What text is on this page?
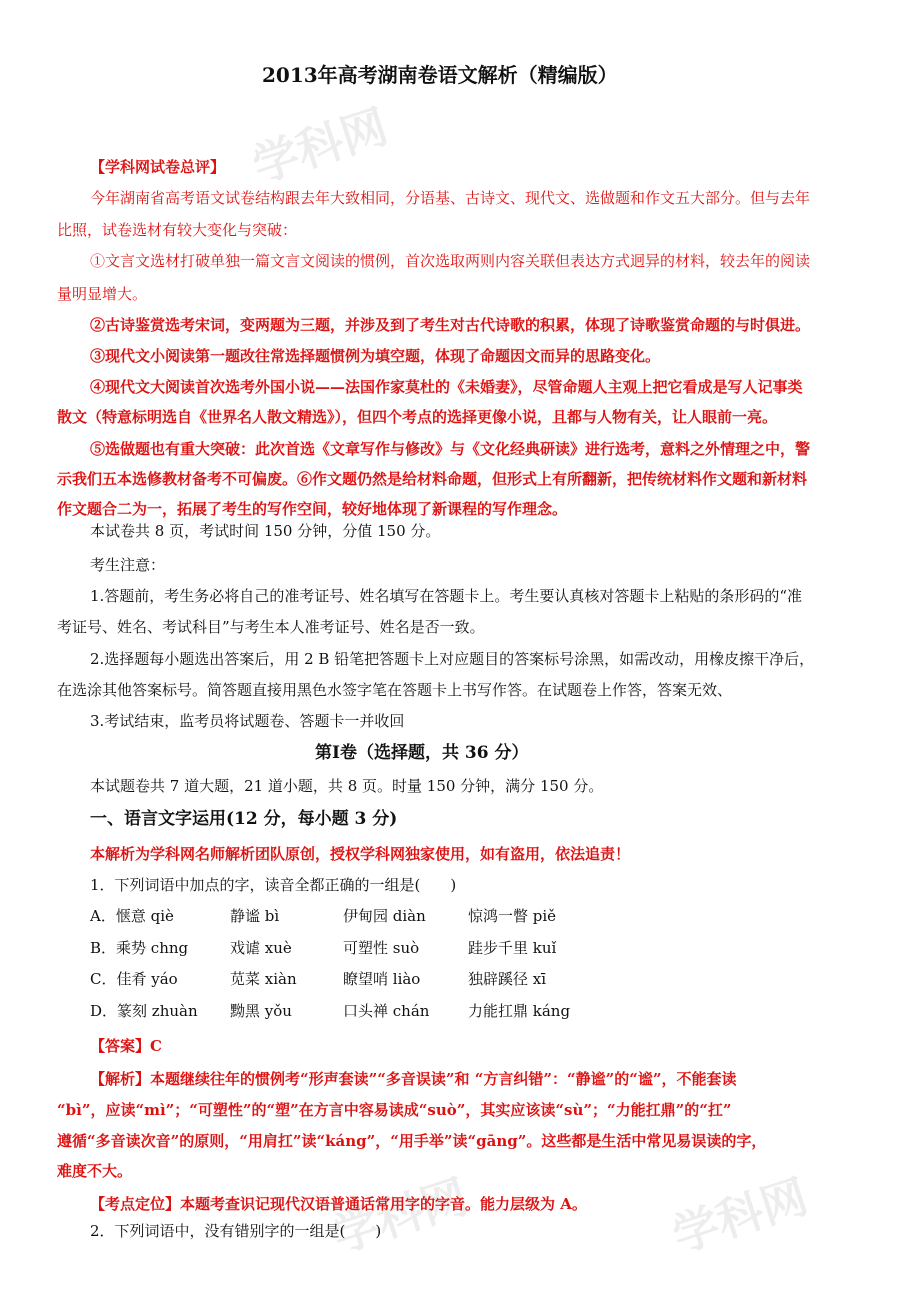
学科网
学科网	学科网
2013年高考湖南卷语文解析（精编版）
【学科网试卷总评】
今年湖南省高考语文试卷结构跟去年大致相同，分语基、古诗文、现代文、选做题和作文五大部分。但与去年
比照，试卷选材有较大变化与突破：
①文言文选材打破单独一篇文言文阅读的惯例，首次选取两则内容关联但表达方式迥异的材料，较去年的阅读
量明显增大。
②古诗鉴赏选考宋词，变两题为三题，并涉及到了考生对古代诗歌的积累，体现了诗歌鉴赏命题的与时俱进。
③现代文小阅读第一题改往常选择题惯例为填空题，体现了命题因文而异的思路变化。
④现代文大阅读首次选考外国小说——法国作家莫杜的《未婚妻》，尽管命题人主观上把它看成是写人记事类
散文（特意标明选自《世界名人散文精选》），但四个考点的选择更像小说，且都与人物有关，让人眼前一亮。
⑤选做题也有重大突破：此次首选《文章写作与修改》与《文化经典研读》进行选考，意料之外情理之中，警
示我们五本选修教材备考不可偏废。⑥作文题仍然是给材料命题，但形式上有所翻新，把传统材料作文题和新材料
作文题合二为一，拓展了考生的写作空间，较好地体现了新课程的写作理念。
本试卷共 8 页，考试时间 150 分钟，分值 150 分。
考生注意：
1.答题前，考生务必将自己的准考证号、姓名填写在答题卡上。考生要认真核对答题卡上粘贴的条形码的“准
考证号、姓名、考试科目”与考生本人准考证号、姓名是否一致。
2.选择题每小题选出答案后，用 2 B 铅笔把答题卡上对应题目的答案标号涂黑，如需改动，用橡皮擦干净后，
在选涂其他答案标号。简答题直接用黑色水签字笔在答题卡上书写作答。在试题卷上作答，答案无效、
3.考试结束，监考员将试题卷、答题卡一并收回
第Ⅰ卷（选择题，共 36 分）
本试题卷共 7 道大题，21 道小题，共 8 页。时量 150 分钟，满分 150 分。
一、语言文字运用(12 分，每小题 3 分)
本解析为学科网名师解析团队原创，授权学科网独家使用，如有盗用，依法追责！
1．下列词语中加点的字，读音全都正确的一组是(　　)
A．惬意 qiè	静谧 bì	伊甸园 diàn	惊鸿一瞥 piě
B．乘势 chng	戏谑 xuè	可塑性 suò	跬步千里 kuǐ
C．佳肴 yáo	苋菜 xiàn	瞭望哨 liào	独辟蹊径 xī
D．篆刻 zhuàn 黝黑 yǒu	口头禅 chán	力能扛鼎 káng
【答案】C
【解析】本题继续往年的惯例考“形声套读”“多音误读”和 “方言纠错”：“静谧”的“谧”，不能套读
“bì”，应读“mì”；“可塑性”的“塑”在方言中容易读成“suò”，其实应该读“sù”；“力能扛鼎”的“扛”
遵循“多音读次音”的原则，“用肩扛”读“káng”，“用手举”读“gāng”。这些都是生活中常见易误读的字，
难度不大。
【考点定位】本题考查识记现代汉语普通话常用字的字音。能力层级为 A。
2．下列词语中，没有错别字的一组是(　　)
